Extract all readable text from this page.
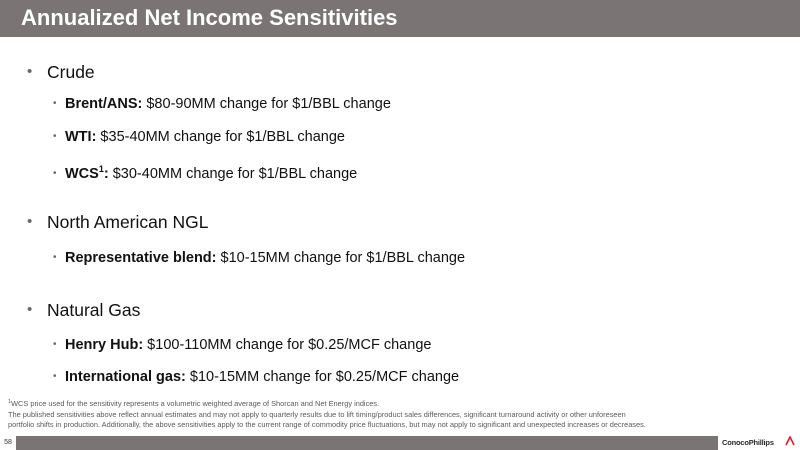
Annualized Net Income Sensitivities
• Crude
• Brent/ANS: $80-90MM change for $1/BBL change
• WTI: $35-40MM change for $1/BBL change
• WCS$^1$: $30-40MM change for $1/BBL change
• North American NGL
• Representative blend: $10-15MM change for $1/BBL change
• Natural Gas
• Henry Hub: $100-110MM change for $0.25/MCF change
• International gas: $10-15MM change for $0.25/MCF change
$^1$WCS price used for the sensitivity represents a volumetric weighted average of Shorcan and Net Energy indices.
The published sensitivities above reflect annual estimates and may not apply to quarterly results due to lift timing/product sales differences, significant turnaround activity or other unforeseen
portfolio shifts in production. Additionally, the above sensitivities apply to the current range of commodity price fluctuations, but may not apply to significant and unexpected increases or decreases.
58	ConocoPhillips
